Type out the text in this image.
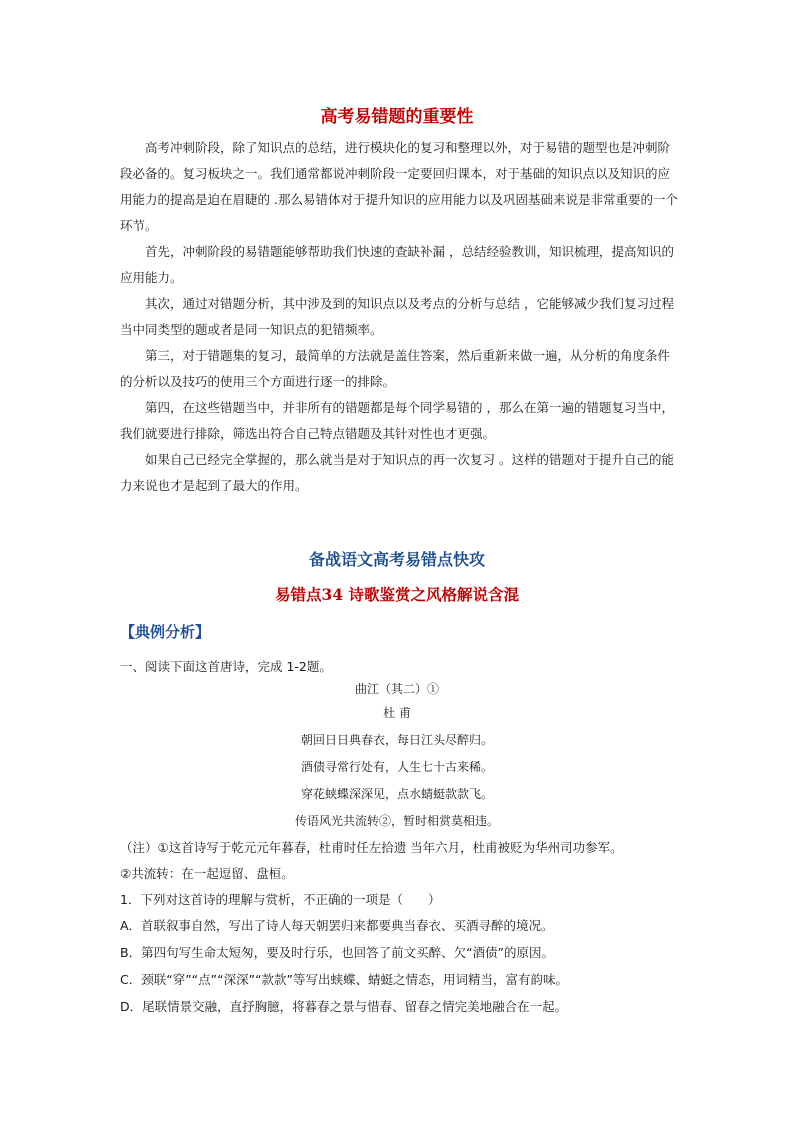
高考易错题的重要性

高考冲刺阶段，除了知识点的总结，进行模块化的复习和整理以外，对于易错的题型也是冲刺阶段必备的。复习板块之一。我们通常都说冲刺阶段一定要回归课本，对于基础的知识点以及知识的应用能力的提高是迫在眉睫的 .那么易错体对于提升知识的应用能力以及巩固基础来说是非常重要的一个环节。

首先，冲刺阶段的易错题能够帮助我们快速的查缺补漏 ，总结经验教训，知识梳理，提高知识的应用能力。

其次，通过对错题分析，其中涉及到的知识点以及考点的分析与总结 ，它能够减少我们复习过程当中同类型的题或者是同一知识点的犯错频率。

第三，对于错题集的复习，最简单的方法就是盖住答案，然后重新来做一遍，从分析的角度条件的分析以及技巧的使用三个方面进行逐一的排除。

第四，在这些错题当中，并非所有的错题都是每个同学易错的 ，那么在第一遍的错题复习当中，我们就要进行排除，筛选出符合自己特点错题及其针对性也才更强。

如果自己已经完全掌握的，那么就当是对于知识点的再一次复习 。这样的错题对于提升自己的能力来说也才是起到了最大的作用。

备战语文高考易错点快攻
易错点34 诗歌鉴赏之风格解说含混
【典例分析】
一、阅读下面这首唐诗，完成 1-2题。
曲江（其二）①
杜 甫
朝回日日典春衣，每日江头尽醉归。
酒债寻常行处有，人生七十古来稀。
穿花蛱蝶深深见，点水蜻蜓款款飞。
传语风光共流转②，暂时相赏莫相违。
（注）①这首诗写于乾元元年暮春，杜甫时任左拾遗 当年六月，杜甫被贬为华州司功参军。
②共流转：在一起逗留、盘桓。
1．下列对这首诗的理解与赏析，不正确的一项是（　　）
A．首联叙事自然，写出了诗人每天朝罢归来都要典当春衣、买酒寻醉的境况。
B．第四句写生命太短匆，要及时行乐，也回答了前文买醉、欠“酒债”的原因。
C．颈联“穿”“点”“深深”“款款”等写出蛱蝶、蜻蜓之情态，用词精当，富有韵味。
D．尾联情景交融，直抒胸臆，将暮春之景与惜春、留春之情完美地融合在一起。
